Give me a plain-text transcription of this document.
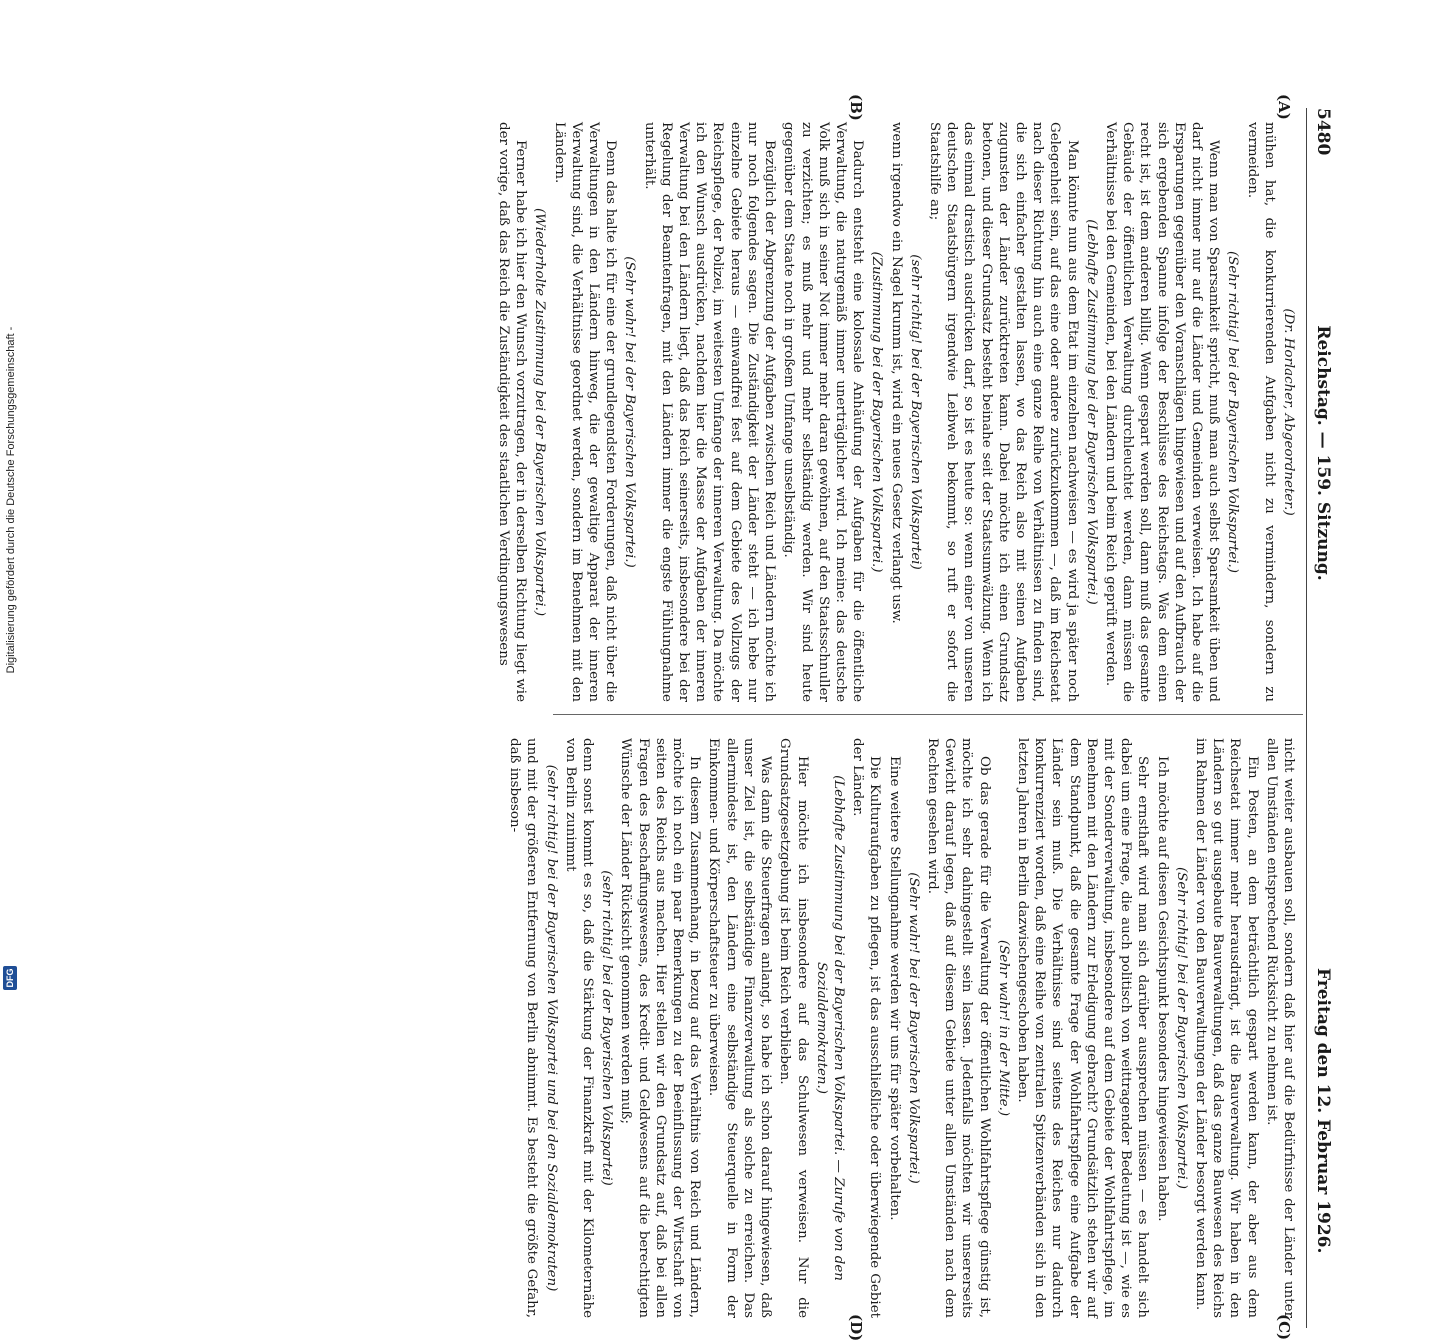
Digitalisierung gefördert durch die Deutsche Forschungsgemeinschaft -
DFG
5480
Reichstag. — 159. Sitzung.
Freitag den 12. Februar 1926.
(A)
(B)
(C)
(D)

(Dr. Horlacher, Abgeordneter.)

mühen hat, die konkurrierenden Aufgaben nicht zu vermindern, sondern zu vermeiden.

(Sehr richtig! bei der Bayerischen Volkspartei.)

Wenn man von Sparsamkeit spricht, muß man auch selbst Sparsamkeit üben und darf nicht immer nur auf die Länder und Gemeinden verweisen. Ich habe auf die Ersparungen gegenüber den Voranschlägen hingewiesen und auf den Aufbrauch der sich ergebenden Spanne infolge der Beschlüsse des Reichstags. Was dem einen recht ist, ist dem anderen billig. Wenn gespart werden soll, dann muß das gesamte Gebäude der öffentlichen Verwaltung durchleuchtet werden, dann müssen die Verhältnisse bei den Gemeinden, bei den Ländern und beim Reich geprüft werden.

(Lebhafte Zustimmung bei der Bayerischen Volkspartei.)

Man könnte nun aus dem Etat im einzelnen nachweisen — es wird ja später noch Gelegenheit sein, auf das eine oder andere zurückzukommen —, daß im Reichsetat nach dieser Richtung hin auch eine ganze Reihe von Verhältnissen zu finden sind, die sich einfacher gestalten lassen, wo das Reich also mit seinen Aufgaben zugunsten der Länder zurücktreten kann. Dabei möchte ich einen Grundsatz betonen, und dieser Grundsatz besteht beinahe seit der Staatsumwälzung. Wenn ich das einmal drastisch ausdrücken darf, so ist es heute so: wenn einer von unseren deutschen Staatsbürgern irgendwie Leibweh bekommt, so ruft er sofort die Staatshilfe an;

(sehr richtig! bei der Bayerischen Volkspartei)

wenn irgendwo ein Nagel krumm ist, wird ein neues Gesetz verlangt usw.

(Zustimmung bei der Bayerischen Volkspartei.)

Dadurch entsteht eine kolossale Anhäufung der Aufgaben für die öffentliche Verwaltung, die naturgemäß immer unerträglicher wird. Ich meine: das deutsche Volk muß sich in seiner Not immer mehr daran gewöhnen, auf den Staatsschnuller zu verzichten; es muß mehr und mehr selbständig werden. Wir sind heute gegenüber dem Staate noch in großem Umfange unselbständig.

Bezüglich der Abgrenzung der Aufgaben zwischen Reich und Ländern möchte ich nur noch folgendes sagen. Die Zuständigkeit der Länder steht — ich hebe nur einzelne Gebiete heraus — einwandfrei fest auf dem Gebiete des Vollzugs der Reichspflege, der Polizei, im weitesten Umfange der inneren Verwaltung. Da möchte ich den Wunsch ausdrücken, nachdem hier die Masse der Aufgaben der inneren Verwaltung bei den Ländern liegt, daß das Reich seinerseits, insbesondere bei der Regelung der Beamtenfragen, mit den Ländern immer die engste Fühlungnahme unterhält.

(Sehr wahr! bei der Bayerischen Volkspartei.)

Denn das halte ich für eine der grundlegendsten Forderungen, daß nicht über die Verwaltungen in den Ländern hinweg, die der gewaltige Apparat der inneren Verwaltung sind, die Verhältnisse geordnet werden, sondern im Benehmen mit den Ländern.

(Wiederholte Zustimmung bei der Bayerischen Volkspartei.)

Ferner habe ich hier den Wunsch vorzutragen, der in derselben Richtung liegt wie der vorige, daß das Reich die Zuständigkeit des staatlichen Verdingungswesens

nicht weiter ausbauen soll, sondern daß hier auf die Bedürfnisse der Länder unter allen Umständen entsprechend Rücksicht zu nehmen ist.

Ein Posten, an dem beträchtlich gespart werden kann, der aber aus dem Reichsetat immer mehr herausdrängt, ist die Bauverwaltung. Wir haben in den Ländern so gut ausgebaute Bauverwaltungen, daß das ganze Bauwesen des Reichs im Rahmen der Länder von den Bauverwaltungen der Länder besorgt werden kann.

(Sehr richtig! bei der Bayerischen Volkspartei.)

Ich möchte auf diesen Gesichtspunkt besonders hingewiesen haben.

Sehr ernsthaft wird man sich darüber aussprechen müssen — es handelt sich dabei um eine Frage, die auch politisch von weittragender Bedeutung ist —, wie es mit der Sonderverwaltung, insbesondere auf dem Gebiete der Wohlfahrtspflege, im Benehmen mit den Ländern zur Erledigung gebracht? Grundsätzlich stehen wir auf dem Standpunkt, daß die gesamte Frage der Wohlfahrtspflege eine Aufgabe der Länder sein muß. Die Verhältnisse sind seitens des Reiches nur dadurch konkurrenziert worden, daß eine Reihe von zentralen Spitzenverbänden sich in den letzten Jahren in Berlin dazwischengeschoben haben.

(Sehr wahr! in der Mitte.)

Ob das gerade für die Verwaltung der öffentlichen Wohlfahrtspflege günstig ist, möchte ich sehr dahingestellt sein lassen. Jedenfalls möchten wir unsererseits Gewicht darauf legen, daß auf diesem Gebiete unter allen Umständen nach dem Rechten gesehen wird.

(Sehr wahr! bei der Bayerischen Volkspartei.)

Eine weitere Stellungnahme werden wir uns für später vorbehalten.

Die Kulturaufgaben zu pflegen, ist das ausschließliche oder überwiegende Gebiet der Länder.

(Lebhafte Zustimmung bei der Bayerischen Volkspartei. — Zurufe von den Sozialdemokraten.)

Hier möchte ich insbesondere auf das Schulwesen verweisen. Nur die Grundsatzgesetzgebung ist beim Reich verblieben.

Was dann die Steuerfragen anlangt, so habe ich schon darauf hingewiesen, daß unser Ziel ist, die selbständige Finanzverwaltung als solche zu erreichen. Das allermindeste ist, den Ländern eine selbständige Steuerquelle in Form der Einkommen- und Körperschaftsteuer zu überweisen.

In diesem Zusammenhang, in bezug auf das Verhältnis von Reich und Ländern, möchte ich noch ein paar Bemerkungen zu der Beeinflussung der Wirtschaft von seiten des Reichs aus machen. Hier stellen wir den Grundsatz auf, daß bei allen Fragen des Beschaffungswesens, des Kredit- und Geldwesens auf die berechtigten Wünsche der Länder Rücksicht genommen werden muß;

(sehr richtig! bei der Bayerischen Volkspartei)

denn sonst kommt es so, daß die Stärkung der Finanzkraft mit der Kilometernähe von Berlin zunimmt

(sehr richtig! bei der Bayerischen Volkspartei und bei den Sozialdemokraten)

und mit der größeren Entfernung von Berlin abnimmt. Es besteht die größte Gefahr, daß insbeson-
